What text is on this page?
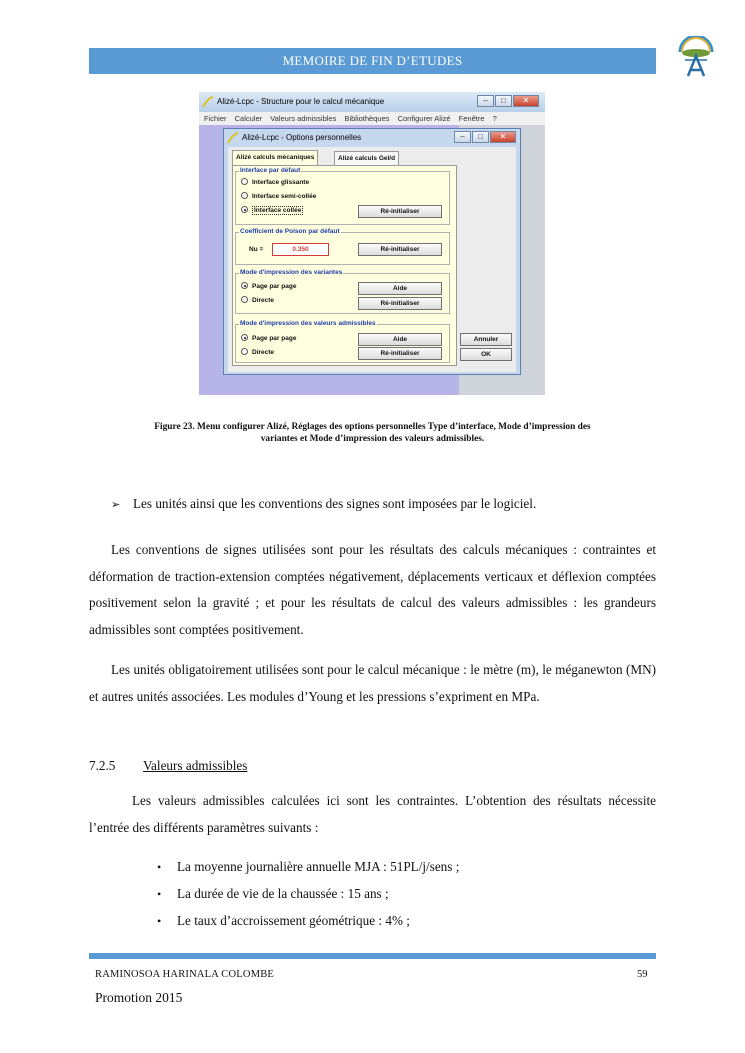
MEMOIRE DE FIN D’ETUDES
Alizé-Lcpc - Structure pour le calcul mécanique	–	□	✕
Fichier Calculer Valeurs admissibles Bibliothèques Configurer Alizé Fenêtre ?
Alizé-Lcpc - Options personnelles	–	□	✕
Alizé calculs mécaniques	Alizé calculs Gel/d
Interface par défaut
Interface glissante
Interface semi-collée
Interface collée	Ré-initialiser
Coefficient de Poison par défaut
Nu =	0.350	Ré-initialiser
Mode d'impression des variantes
Page par page
Directe
Aide
Ré-initialiser
Mode d'impression des valeurs admissibles
Page par page
Directe
Aide
Ré-initialiser
Annuler
OK
Figure 23. Menu configurer Alizé, Réglages des options personnelles Type d’interface, Mode d’impression des
variantes et Mode d’impression des valeurs admissibles.
➢ Les unités ainsi que les conventions des signes sont imposées par le logiciel.
Les conventions de signes utilisées sont pour les résultats des calculs mécaniques : contraintes et déformation de traction-extension comptées négativement, déplacements verticaux et déflexion comptées positivement selon la gravité ; et pour les résultats de calcul des valeurs admissibles : les grandeurs admissibles sont comptées positivement.
Les unités obligatoirement utilisées sont pour le calcul mécanique : le mètre (m), le méganewton (MN) et autres unités associées. Les modules d’Young et les pressions s’expriment en MPa.
7.2.5 Valeurs admissibles
Les valeurs admissibles calculées ici sont les contraintes. L’obtention des résultats nécessite l’entrée des différents paramètres suivants :
• La moyenne journalière annuelle MJA : 51PL/j/sens ;
• La durée de vie de la chaussée : 15 ans ;
• Le taux d’accroissement géométrique : 4% ;
RAMINOSOA HARINALA COLOMBE	59
Promotion 2015
